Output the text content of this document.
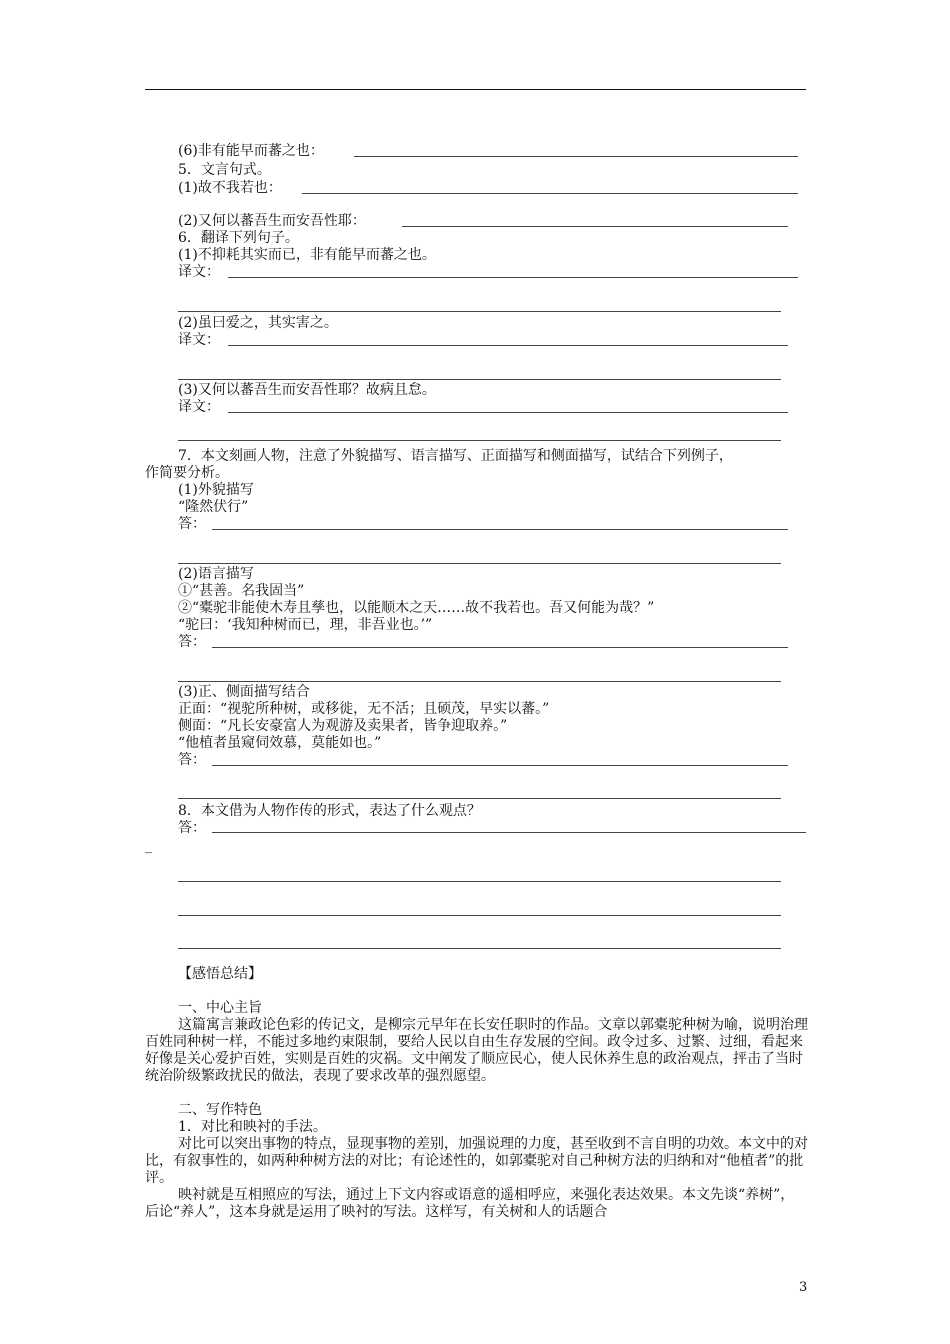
(6)非有能早而蕃之也：
5．文言句式。
(1)故不我若也：
(2)又何以蕃吾生而安吾性耶：
6．翻译下列句子。
(1)不抑耗其实而已，非有能早而蕃之也。
译文：
(2)虽曰爱之，其实害之。
译文：
(3)又何以蕃吾生而安吾性耶？故病且怠。
译文：
7．本文刻画人物，注意了外貌描写、语言描写、正面描写和侧面描写，试结合下列例子，
作简要分析。
(1)外貌描写
“隆然伏行”
答：
(2)语言描写
①“甚善。名我固当”
②“橐驼非能使木寿且孳也，以能顺木之天……故不我若也。吾又何能为哉？”
“驼曰：‘我知种树而已，理，非吾业也。’”
答：
(3)正、侧面描写结合
正面：“视驼所种树，或移徙，无不活；且硕茂，早实以蕃。”
侧面：“凡长安豪富人为观游及卖果者，皆争迎取养。”
“他植者虽窥伺效慕，莫能如也。”
答：
8．本文借为人物作传的形式，表达了什么观点？
答：
_
【感悟总结】
一、中心主旨
这篇寓言兼政论色彩的传记文，是柳宗元早年在长安任职时的作品。文章以郭橐驼种树为喻，说明治理百姓同种树一样，不能过多地约束限制，要给人民以自由生存发展的空间。政令过多、过繁、过细，看起来好像是关心爱护百姓，实则是百姓的灾祸。文中阐发了顺应民心，使人民休养生息的政治观点，抨击了当时统治阶级繁政扰民的做法，表现了要求改革的强烈愿望。
二、写作特色
1．对比和映衬的手法。
对比可以突出事物的特点，显现事物的差别，加强说理的力度，甚至收到不言自明的功效。本文中的对比，有叙事性的，如两种种树方法的对比；有论述性的，如郭橐驼对自己种树方法的归纳和对“他植者”的批评。
映衬就是互相照应的写法，通过上下文内容或语意的遥相呼应，来强化表达效果。本文先谈“养树”，后论“养人”，这本身就是运用了映衬的写法。这样写，有关树和人的话题合
3
